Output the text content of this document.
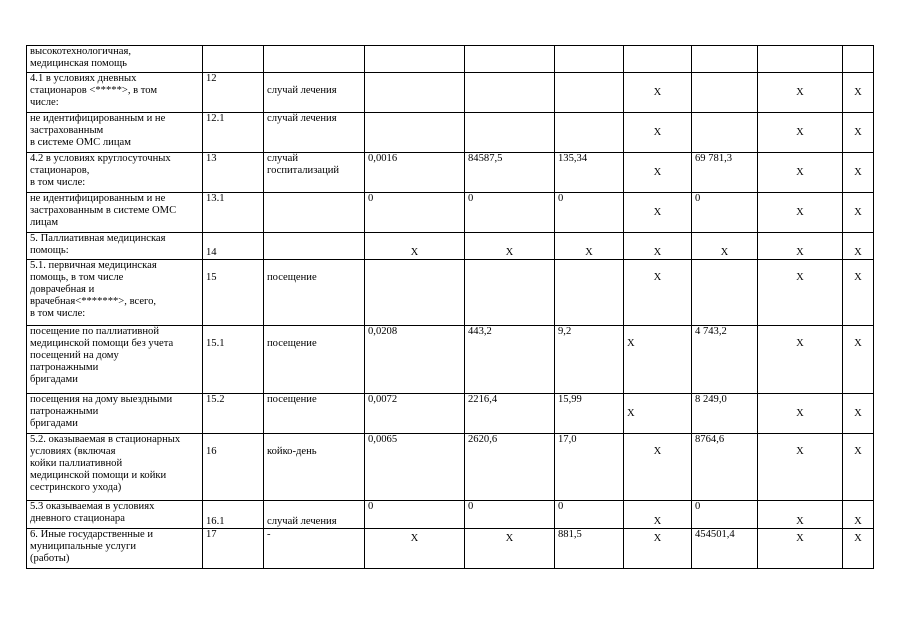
высокотехнологичная,
медицинская помощь									
4.1 в условиях дневных
стационаров <*****>, в том
числе:	12	случай лечения				X		X	X
не идентифицированным и не
застрахованным
в системе ОМС лицам	12.1	случай лечения				X		X	X
4.2 в условиях круглосуточных
стационаров,
в том числе:	13	случай
госпитализаций	0,0016	84587,5	135,34	X	69 781,3	X	X
не идентифицированным и не
застрахованным в системе ОМС
лицам	13.1		0	0	0	X	0	X	X
5. Паллиативная медицинская
помощь:	14		X	X	X	X	X	X	X
5.1. первичная медицинская
помощь, в том числе
доврачебная и
врачебная<*******>, всего,
в том числе:	15	посещение				X		X	X
посещение по паллиативной
медицинской помощи без учета
посещений на дому
патронажными
бригадами	15.1	посещение	0,0208	443,2	9,2	X	4 743,2	X	X
посещения на дому выездными
патронажными
бригадами	15.2	посещение	0,0072	2216,4	15,99	X	8 249,0	X	X
5.2. оказываемая в стационарных
условиях (включая
койки паллиативной
медицинской помощи и койки
сестринского ухода)	16	койко-день	0,0065	2620,6	17,0	X	8764,6	X	X
5.3 оказываемая в условиях
дневного стационара	16.1	случай лечения	0	0	0	X	0	X	X
6. Иные государственные и
муниципальные услуги
(работы)	17	-	X	X	881,5	X	454501,4	X	X
